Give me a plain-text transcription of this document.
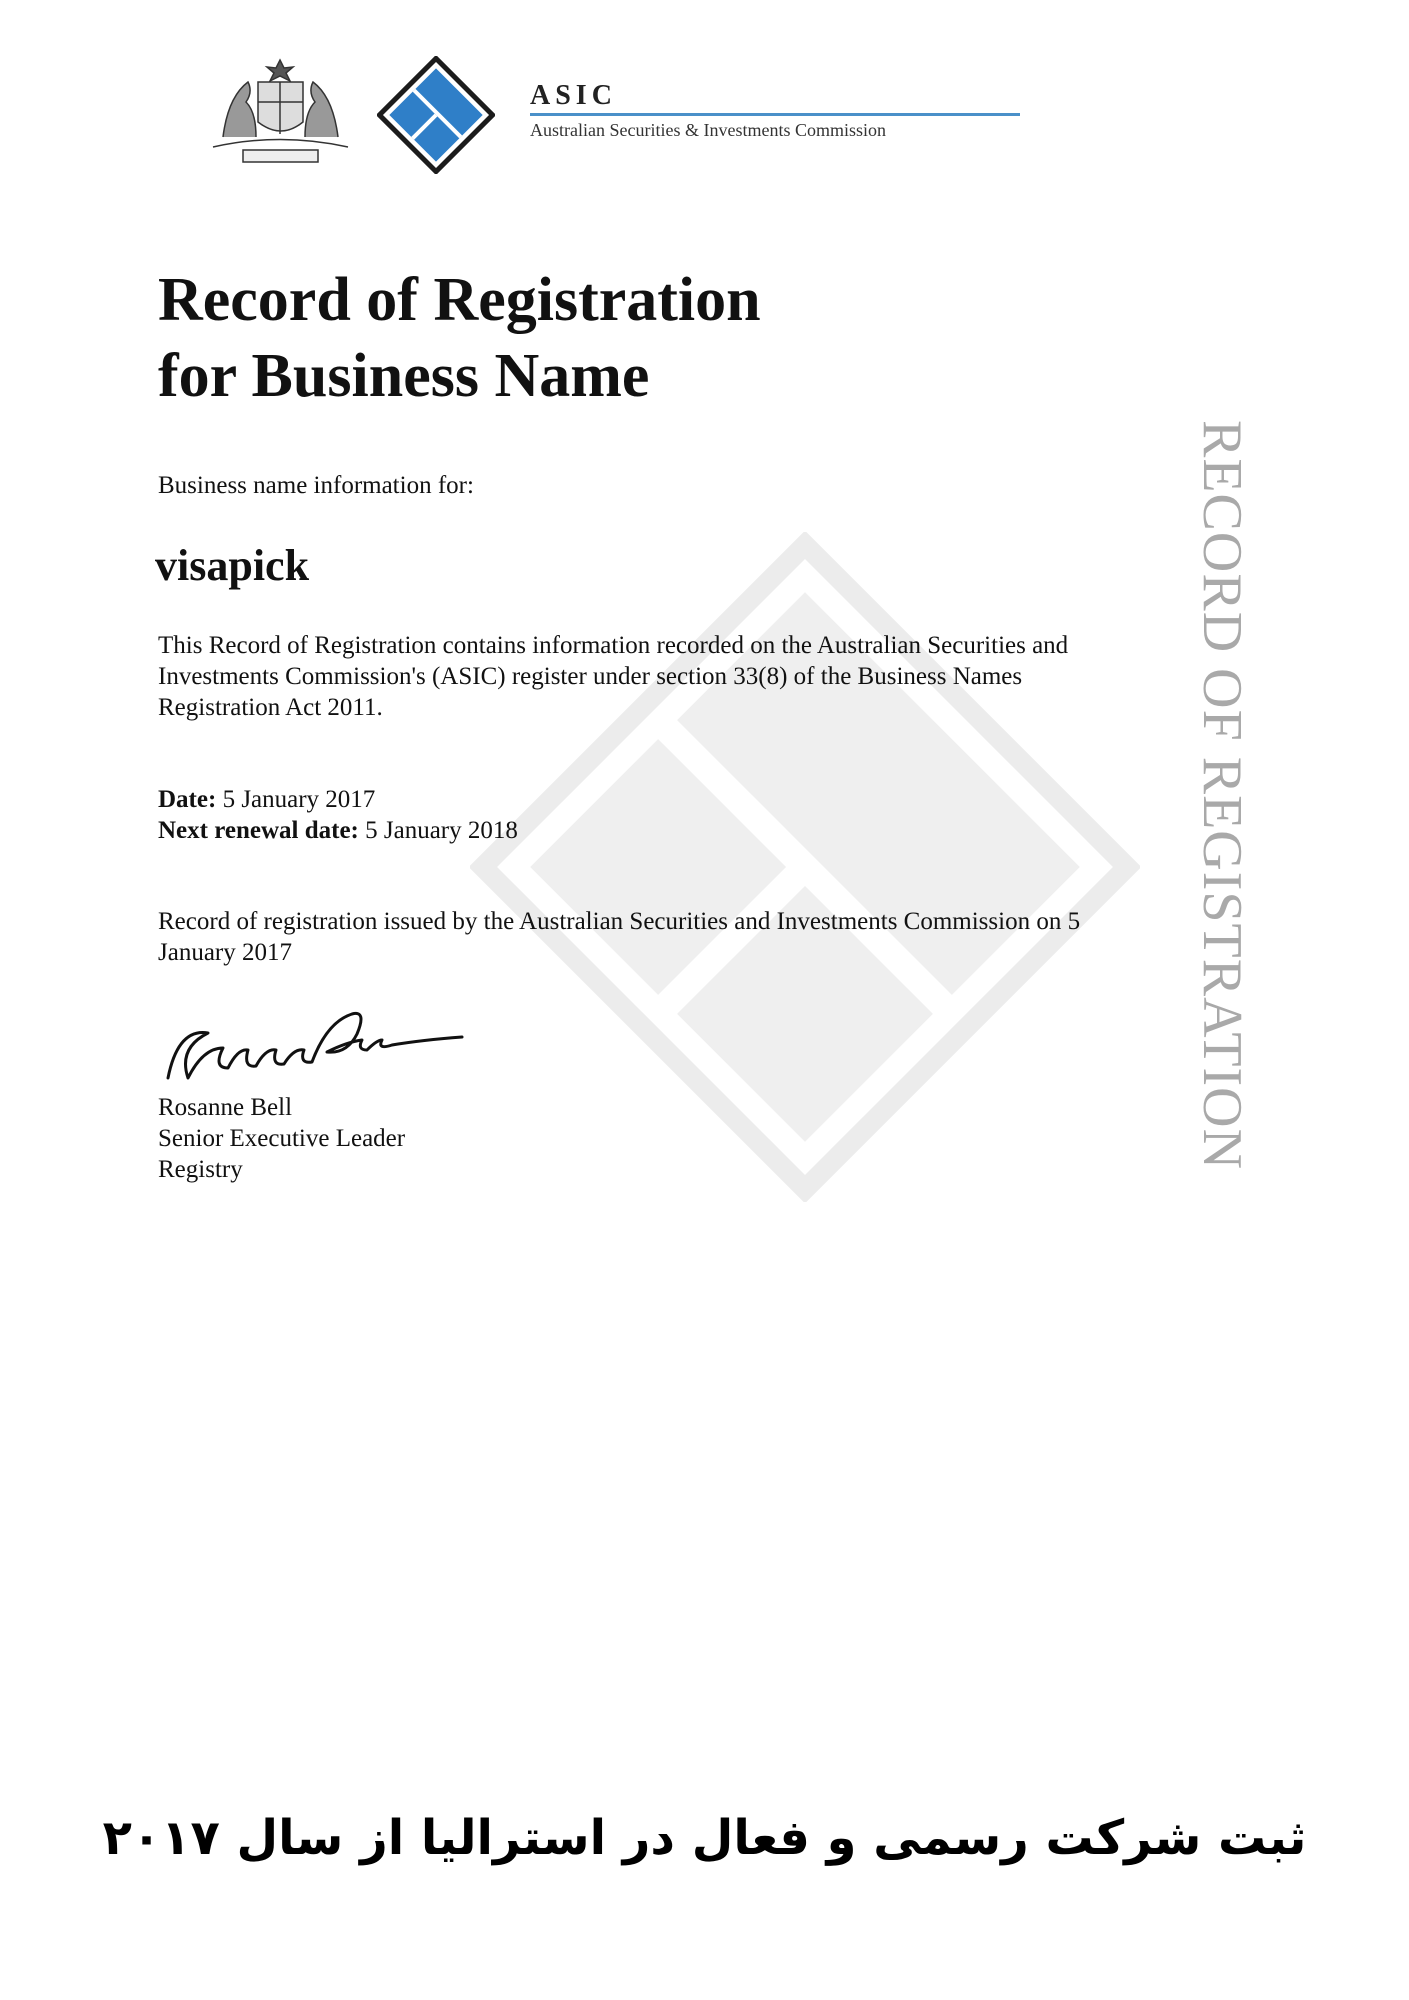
ASIC
Australian Securities & Investments Commission
RECORD OF REGISTRATION
Record of Registration
for Business Name
Business name information for:
visapick
This Record of Registration contains information recorded on the Australian Securities and Investments Commission's (ASIC) register under section 33(8) of the Business Names Registration Act 2011.
Date: 5 January 2017
Next renewal date: 5 January 2018
Record of registration issued by the Australian Securities and Investments Commission on 5 January 2017
Rosanne Bell
Senior Executive Leader
Registry
ثبت شرکت رسمی و فعال در استرالیا از سال ۲۰۱۷
